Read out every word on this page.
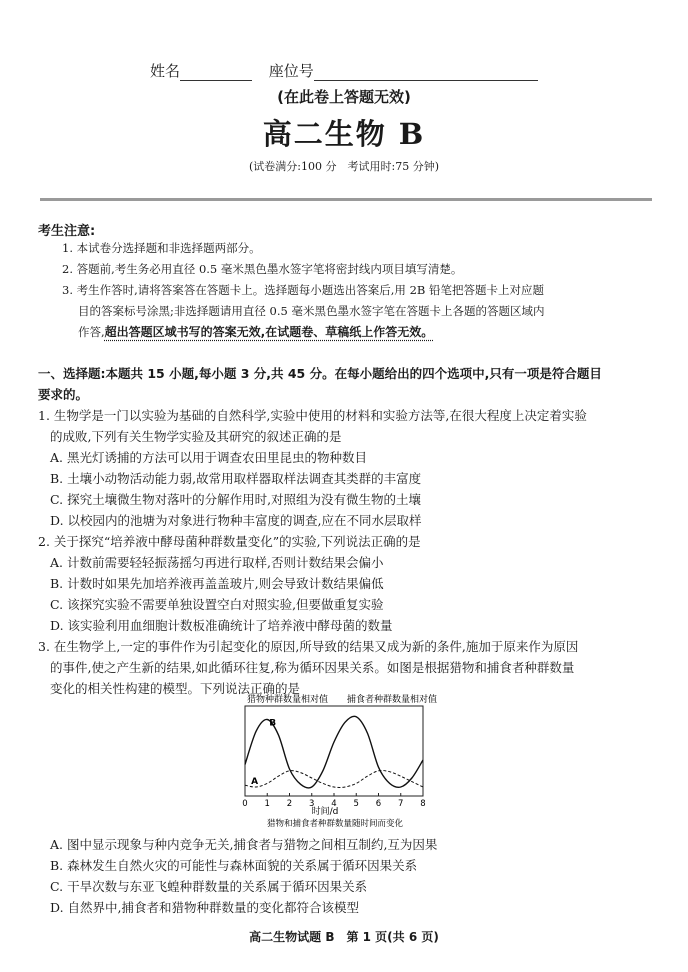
姓名	座位号
(在此卷上答题无效)
高二生物 B
(试卷满分:100 分　考试用时:75 分钟)
考生注意:
1. 本试卷分选择题和非选择题两部分。
2. 答题前,考生务必用直径 0.5 毫米黑色墨水签字笔将密封线内项目填写清楚。
3. 考生作答时,请将答案答在答题卡上。选择题每小题选出答案后,用 2B 铅笔把答题卡上对应题
目的答案标号涂黑;非选择题请用直径 0.5 毫米黑色墨水签字笔在答题卡上各题的答题区域内
作答,超出答题区域书写的答案无效,在试题卷、草稿纸上作答无效。
一、选择题:本题共 15 小题,每小题 3 分,共 45 分。在每小题给出的四个选项中,只有一项是符合题目
要求的。
1. 生物学是一门以实验为基础的自然科学,实验中使用的材料和实验方法等,在很大程度上决定着实验
的成败,下列有关生物学实验及其研究的叙述正确的是
A. 黑光灯诱捕的方法可以用于调查农田里昆虫的物种数目
B. 土壤小动物活动能力弱,故常用取样器取样法调查其类群的丰富度
C. 探究土壤微生物对落叶的分解作用时,对照组为没有微生物的土壤
D. 以校园内的池塘为对象进行物种丰富度的调查,应在不同水层取样
2. 关于探究“培养液中酵母菌种群数量变化”的实验,下列说法正确的是
A. 计数前需要轻轻振荡摇匀再进行取样,否则计数结果会偏小
B. 计数时如果先加培养液再盖盖玻片,则会导致计数结果偏低
C. 该探究实验不需要单独设置空白对照实验,但要做重复实验
D. 该实验利用血细胞计数板准确统计了培养液中酵母菌的数量
3. 在生物学上,一定的事件作为引起变化的原因,所导致的结果又成为新的条件,施加于原来作为原因
的事件,使之产生新的结果,如此循环往复,称为循环因果关系。如图是根据猎物和捕食者种群数量
变化的相关性构建的模型。下列说法正确的是
猎物种群数量相对值 捕食者种群数量相对值
0 1 2 3 4 5 6 7 8
B
A
时间/d
猎物和捕食者种群数量随时间而变化
A. 图中显示现象与种内竞争无关,捕食者与猎物之间相互制约,互为因果
B. 森林发生自然火灾的可能性与森林面貌的关系属于循环因果关系
C. 干旱次数与东亚飞蝗种群数量的关系属于循环因果关系
D. 自然界中,捕食者和猎物种群数量的变化都符合该模型
高二生物试题 B　第 1 页(共 6 页)
